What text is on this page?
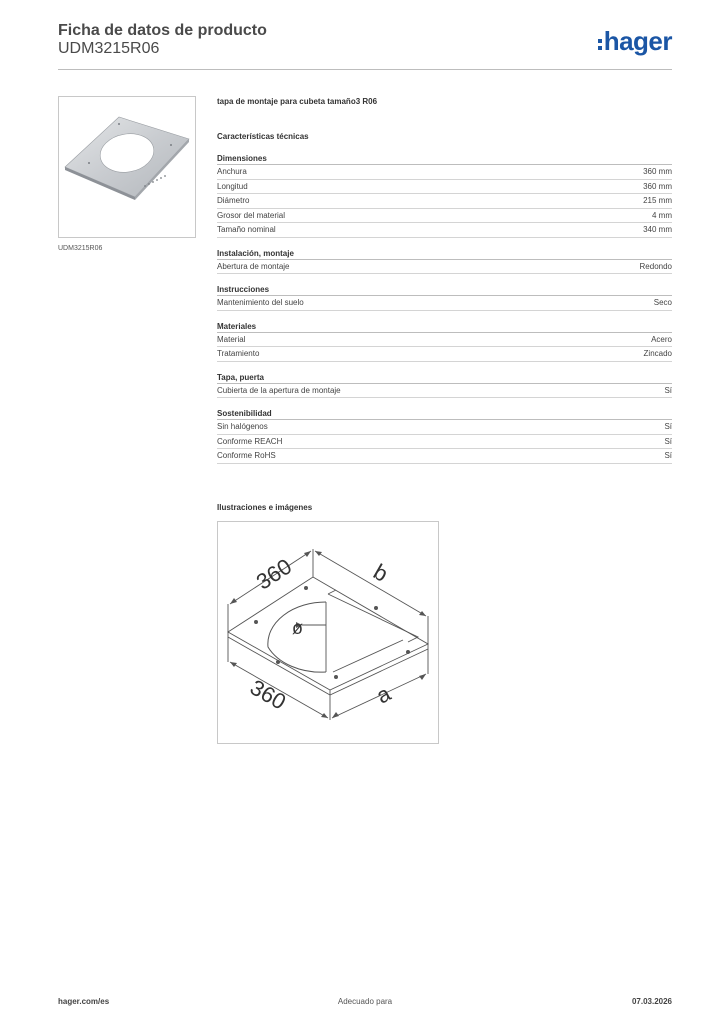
Ficha de datos de producto
UDM3215R06	hager
UDM3215R06
tapa de montaje para cubeta tamaño3 R06
Características técnicas
Dimensiones
Anchura	360 mm
Longitud	360 mm
Diámetro	215 mm
Grosor del material	4 mm
Tamaño nominal	340 mm
Instalación, montaje
Abertura de montaje	Redondo
Instrucciones
Mantenimiento del suelo	Seco
Materiales
Material	Acero
Tratamiento	Zincado
Tapa, puerta
Cubierta de la apertura de montaje	Sí
Sostenibilidad
Sin halógenos	Sí
Conforme REACH	Sí
Conforme RoHS	Sí
Ilustraciones e imágenes
360	b
360	a
ø
hager.com/es	Adecuado para	07.03.2026
